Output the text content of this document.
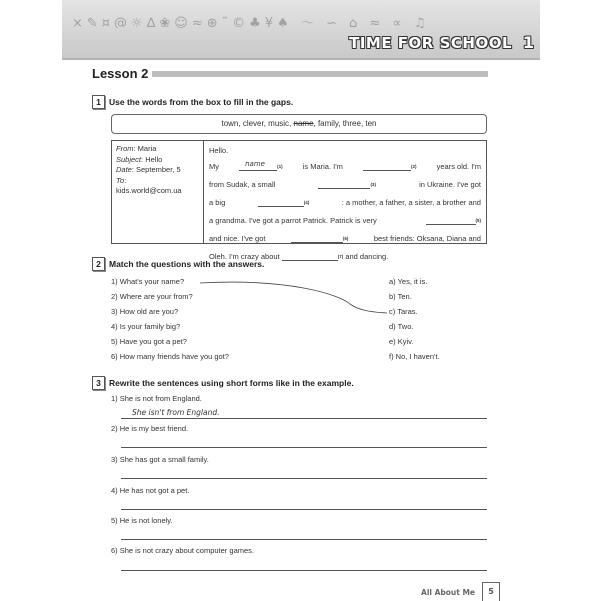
×✎¤@☼∆❀☺≈⊕˜©♣¥♠ ～ ∽ ⌂ ≈ ∝ ♫
TIME FOR SCHOOL 1
Lesson 2
1 Use the words from the box to fill in the gaps.
town, clever, music, name, family, three, ten
From: Maria
Subject: Hello
Date: September, 5
To:
kids.world@com.ua
Hello.
My	name	$^{(1)}$	is Maria. I'm	$^{(2)}$	years old. I'm
from Sudak, a small	$^{(3)}$	in Ukraine. I've got
a big	$^{(4)}$	: a mother, a father, a sister, a brother and
a grandma. I've got a parrot Patrick. Patrick is very	$^{(5)}$
and nice. I've got	$^{(6)}$	best friends: Oksana, Diana and
Oleh. I'm crazy about
	$^{(7)}$
and dancing.
2 Match the questions with the answers.
1) What's your name?
2) Where are your from?
3) How old are you?
4) Is your family big?
5) Have you got a pet?
6) How many friends have you got?
a) Yes, it is.
b) Ten.
c) Taras.
d) Two.
e) Kyiv.
f) No, I haven't.
3 Rewrite the sentences using short forms like in the example.
1) She is not from England.
She isn't from England.
2) He is my best friend.
3) She has got a small family.
4) He has not got a pet.
5) He is not lonely.
6) She is not crazy about computer games.
All About Me	5
